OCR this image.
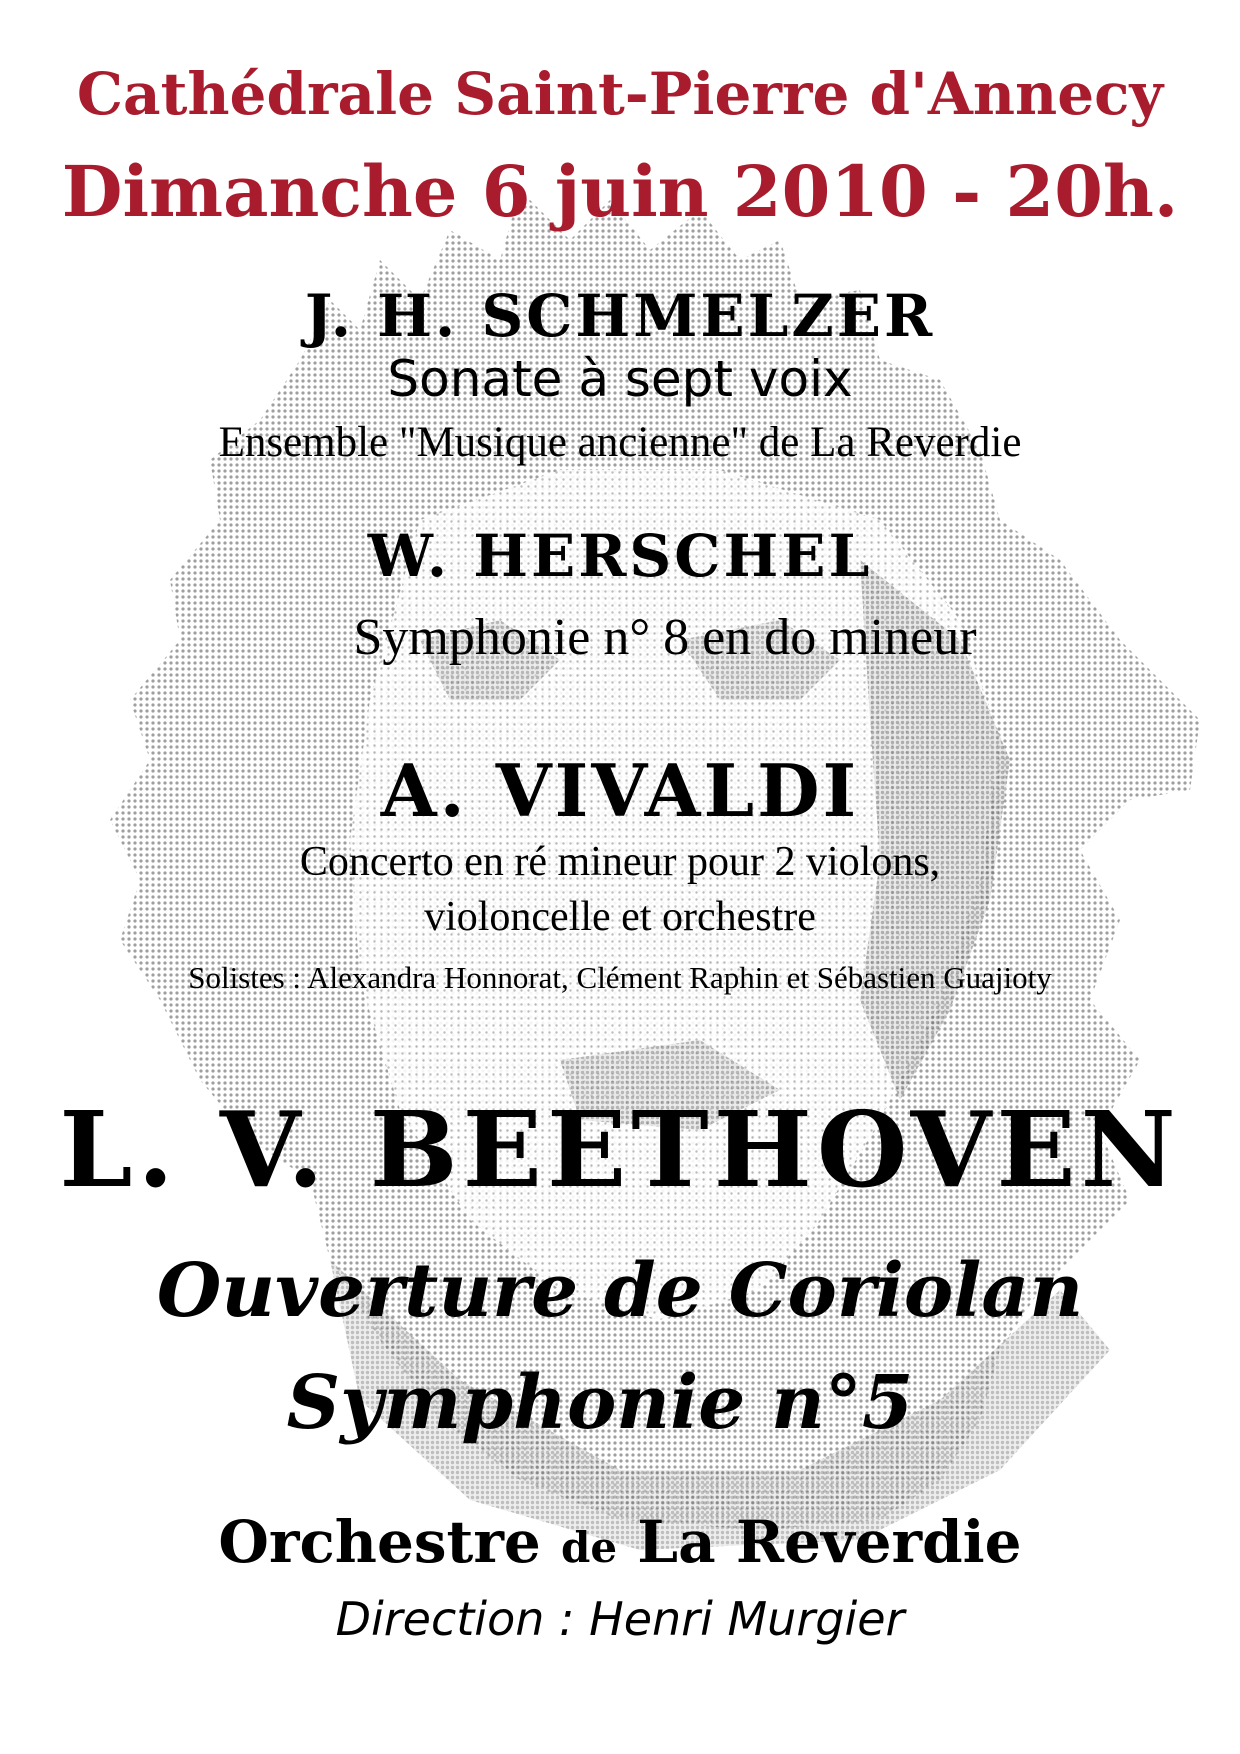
Cathédrale Saint-Pierre d'Annecy
Dimanche 6 juin 2010 - 20h.
J. H. SCHMELZER
Sonate à sept voix
Ensemble "Musique ancienne" de La Reverdie
W. HERSCHEL
Symphonie n° 8 en do mineur
A. VIVALDI
Concerto en ré mineur pour 2 violons,
violoncelle et orchestre
Solistes : Alexandra Honnorat, Clément Raphin et Sébastien Guajioty
L. V. BEETHOVEN
Ouverture de Coriolan
Symphonie n°5
Orchestre de La Reverdie
Direction : Henri Murgier
